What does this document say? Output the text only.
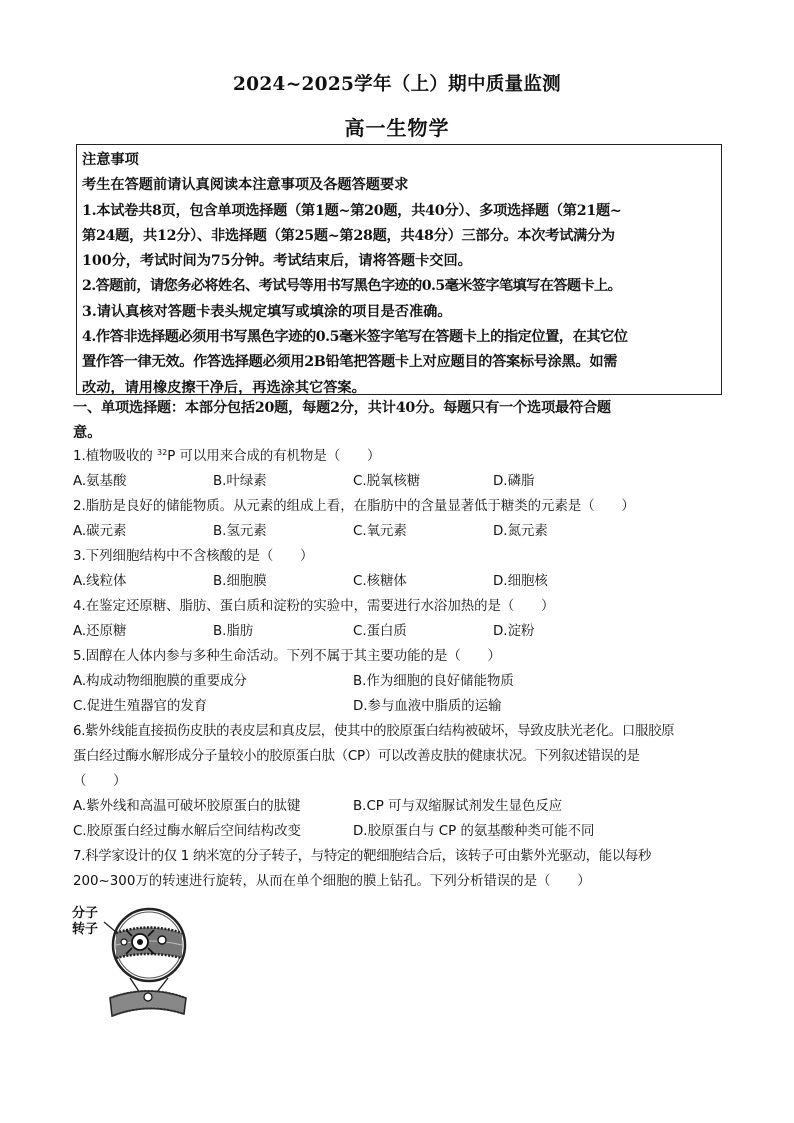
2024~2025学年（上）期中质量监测
高一生物学
注意事项
考生在答题前请认真阅读本注意事项及各题答题要求
1.本试卷共8页，包含单项选择题（第1题~第20题，共40分）、多项选择题（第21题~
第24题，共12分）、非选择题（第25题~第28题，共48分）三部分。本次考试满分为
100分，考试时间为75分钟。考试结束后，请将答题卡交回。
2.答题前，请您务必将姓名、考试号等用书写黑色字迹的0.5毫米签字笔填写在答题卡上。
3.请认真核对答题卡表头规定填写或填涂的项目是否准确。
4.作答非选择题必须用书写黑色字迹的0.5毫米签字笔写在答题卡上的指定位置，在其它位
置作答一律无效。作答选择题必须用2B铅笔把答题卡上对应题目的答案标号涂黑。如需
改动，请用橡皮擦干净后，再选涂其它答案。
一、单项选择题：本部分包括20题，每题2分，共计40分。每题只有一个选项最符合题
意。
1.植物吸收的 $^{32}$P 可以用来合成的有机物是（　　）
A.氨基酸	B.叶绿素	C.脱氧核糖	D.磷脂
2.脂肪是良好的储能物质。从元素的组成上看，在脂肪中的含量显著低于糖类的元素是（　　）
A.碳元素	B.氢元素	C.氧元素	D.氮元素
3.下列细胞结构中不含核酸的是（　　）
A.线粒体	B.细胞膜	C.核糖体	D.细胞核
4.在鉴定还原糖、脂肪、蛋白质和淀粉的实验中，需要进行水浴加热的是（　　）
A.还原糖	B.脂肪	C.蛋白质	D.淀粉
5.固醇在人体内参与多种生命活动。下列不属于其主要功能的是（　　）
A.构成动物细胞膜的重要成分	B.作为细胞的良好储能物质
C.促进生殖器官的发育	D.参与血液中脂质的运输
6.紫外线能直接损伤皮肤的表皮层和真皮层，使其中的胶原蛋白结构被破坏，导致皮肤光老化。口服胶原
蛋白经过酶水解形成分子量较小的胶原蛋白肽（CP）可以改善皮肤的健康状况。下列叙述错误的是
（　　）
A.紫外线和高温可破坏胶原蛋白的肽键	B.CP 可与双缩脲试剂发生显色反应
C.胶原蛋白经过酶水解后空间结构改变	D.胶原蛋白与 CP 的氨基酸种类可能不同
7.科学家设计的仅 1 纳米宽的分子转子，与特定的靶细胞结合后，该转子可由紫外光驱动，能以每秒
200~300万的转速进行旋转，从而在单个细胞的膜上钻孔。下列分析错误的是（　　）
分子
转子
